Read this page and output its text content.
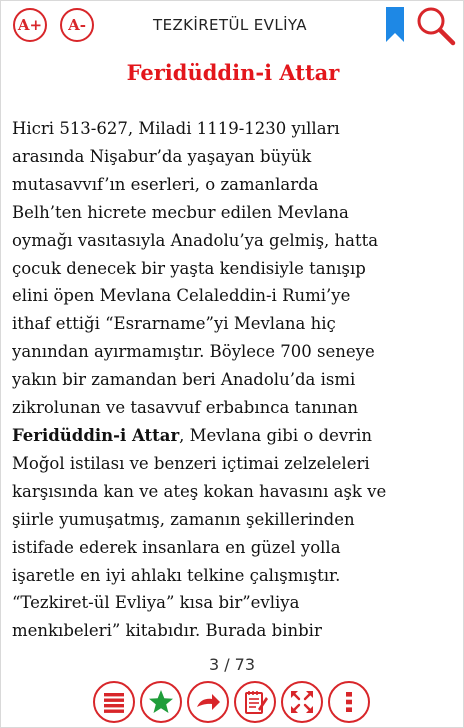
A+	A-	TEZKİRETÜL EVLİYA
Feridüddin-i Attar
Hicri 513-627, Miladi 1119-1230 yılları
arasında Nişabur’da yaşayan büyük
mutasavvıf’ın eserleri, o zamanlarda
Belh’ten hicrete mecbur edilen Mevlana
oymağı vasıtasıyla Anadolu’ya gelmiş, hatta
çocuk denecek bir yaşta kendisiyle tanışıp
elini öpen Mevlana Celaleddin-i Rumi’ye
ithaf ettiği “Esrarname”yi Mevlana hiç
yanından ayırmamıştır. Böylece 700 seneye
yakın bir zamandan beri Anadolu’da ismi
zikrolunan ve tasavvuf erbabınca tanınan
Feridüddin-i Attar, Mevlana gibi o devrin
Moğol istilası ve benzeri içtimai zelzeleleri
karşısında kan ve ateş kokan havasını aşk ve
şiirle yumuşatmış, zamanın şekillerinden
istifade ederek insanlara en güzel yolla
işaretle en iyi ahlakı telkine çalışmıştır.
“Tezkiret-ül Evliya” kısa bir”evliya
menkıbeleri” kitabıdır. Burada binbir
3 / 73
